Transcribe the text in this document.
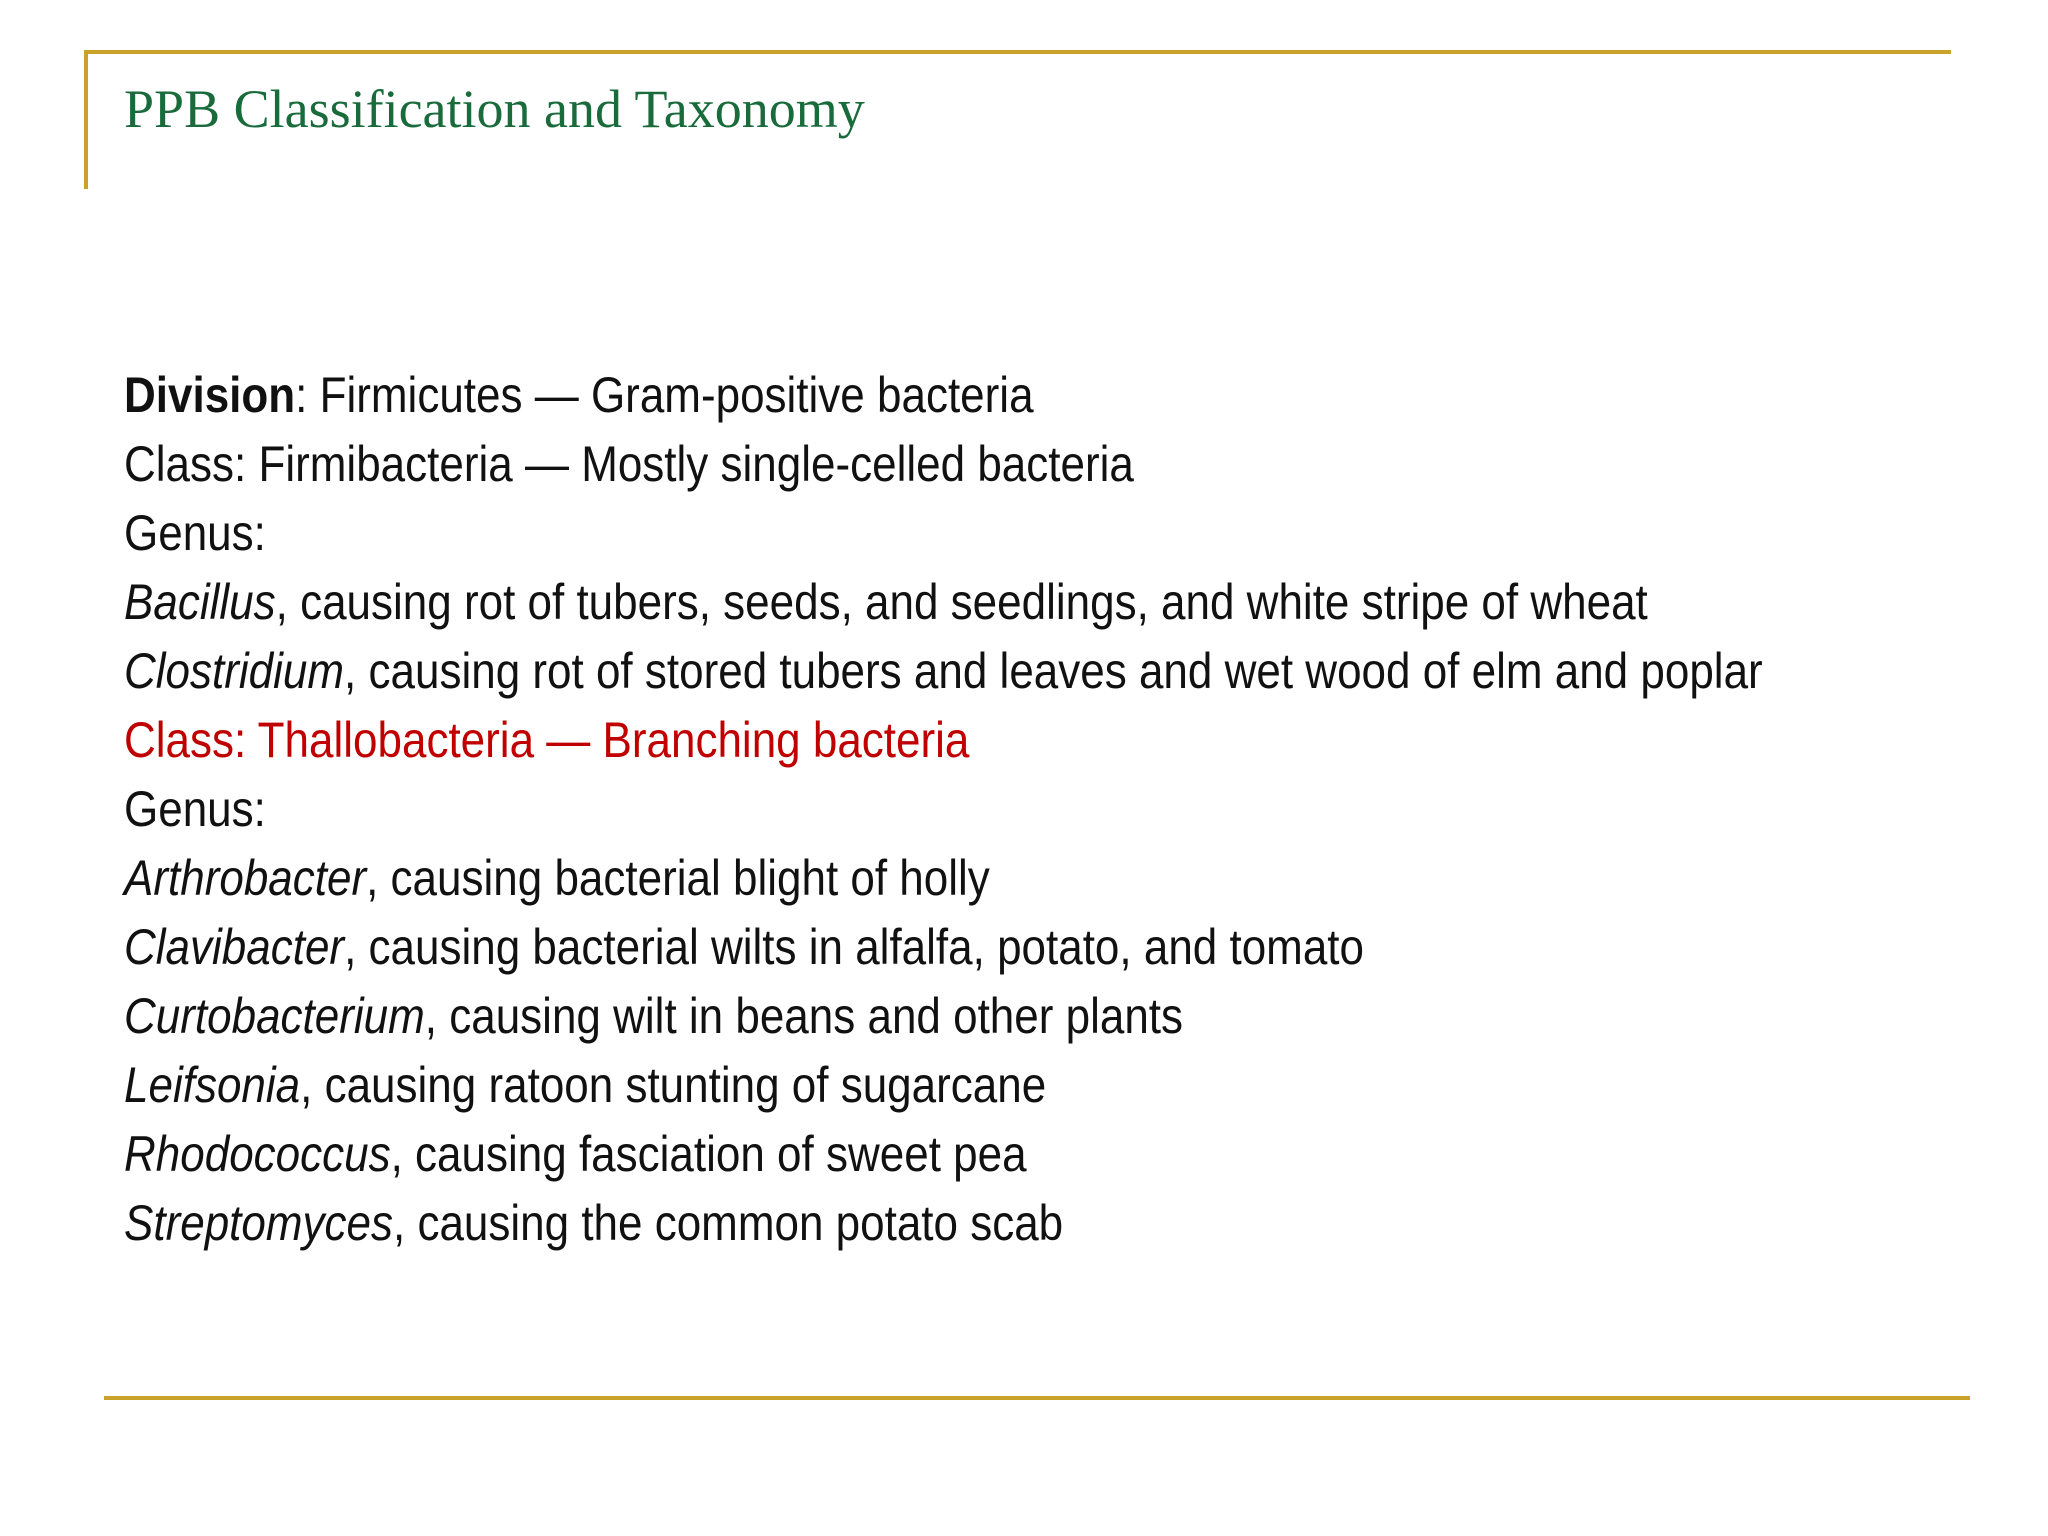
PPB Classification and Taxonomy
Division: Firmicutes — Gram-positive bacteria
Class: Firmibacteria — Mostly single-celled bacteria
Genus:
Bacillus, causing rot of tubers, seeds, and seedlings, and white stripe of wheat
Clostridium, causing rot of stored tubers and leaves and wet wood of elm and poplar
Class: Thallobacteria — Branching bacteria
Genus:
Arthrobacter, causing bacterial blight of holly
Clavibacter, causing bacterial wilts in alfalfa, potato, and tomato
Curtobacterium, causing wilt in beans and other plants
Leifsonia, causing ratoon stunting of sugarcane
Rhodococcus, causing fasciation of sweet pea
Streptomyces, causing the common potato scab
